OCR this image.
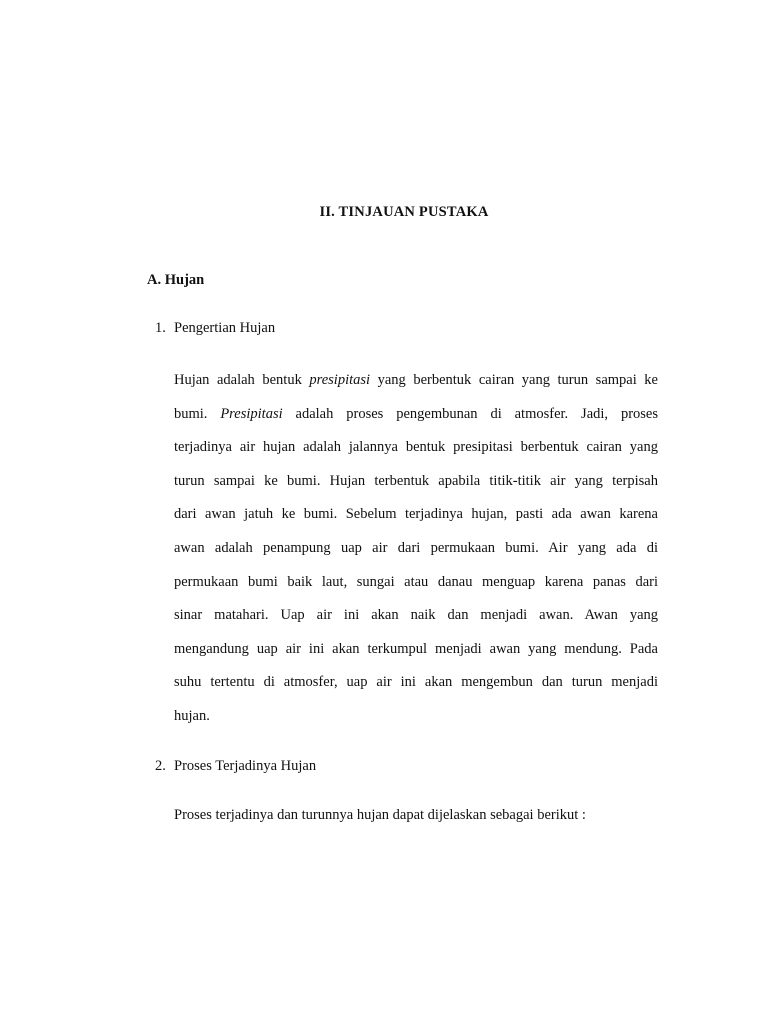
II. TINJAUAN PUSTAKA
A. Hujan
1. Pengertian Hujan
Hujan adalah bentuk presipitasi yang berbentuk cairan yang turun sampai ke
bumi. Presipitasi adalah proses pengembunan di atmosfer. Jadi, proses
terjadinya air hujan adalah jalannya bentuk presipitasi berbentuk cairan yang
turun sampai ke bumi. Hujan terbentuk apabila titik-titik air yang terpisah
dari awan jatuh ke bumi. Sebelum terjadinya hujan, pasti ada awan karena
awan adalah penampung uap air dari permukaan bumi. Air yang ada di
permukaan bumi baik laut, sungai atau danau menguap karena panas dari
sinar matahari. Uap air ini akan naik dan menjadi awan. Awan yang
mengandung uap air ini akan terkumpul menjadi awan yang mendung. Pada
suhu tertentu di atmosfer, uap air ini akan mengembun dan turun menjadi
hujan.
2. Proses Terjadinya Hujan
Proses terjadinya dan turunnya hujan dapat dijelaskan sebagai berikut :
